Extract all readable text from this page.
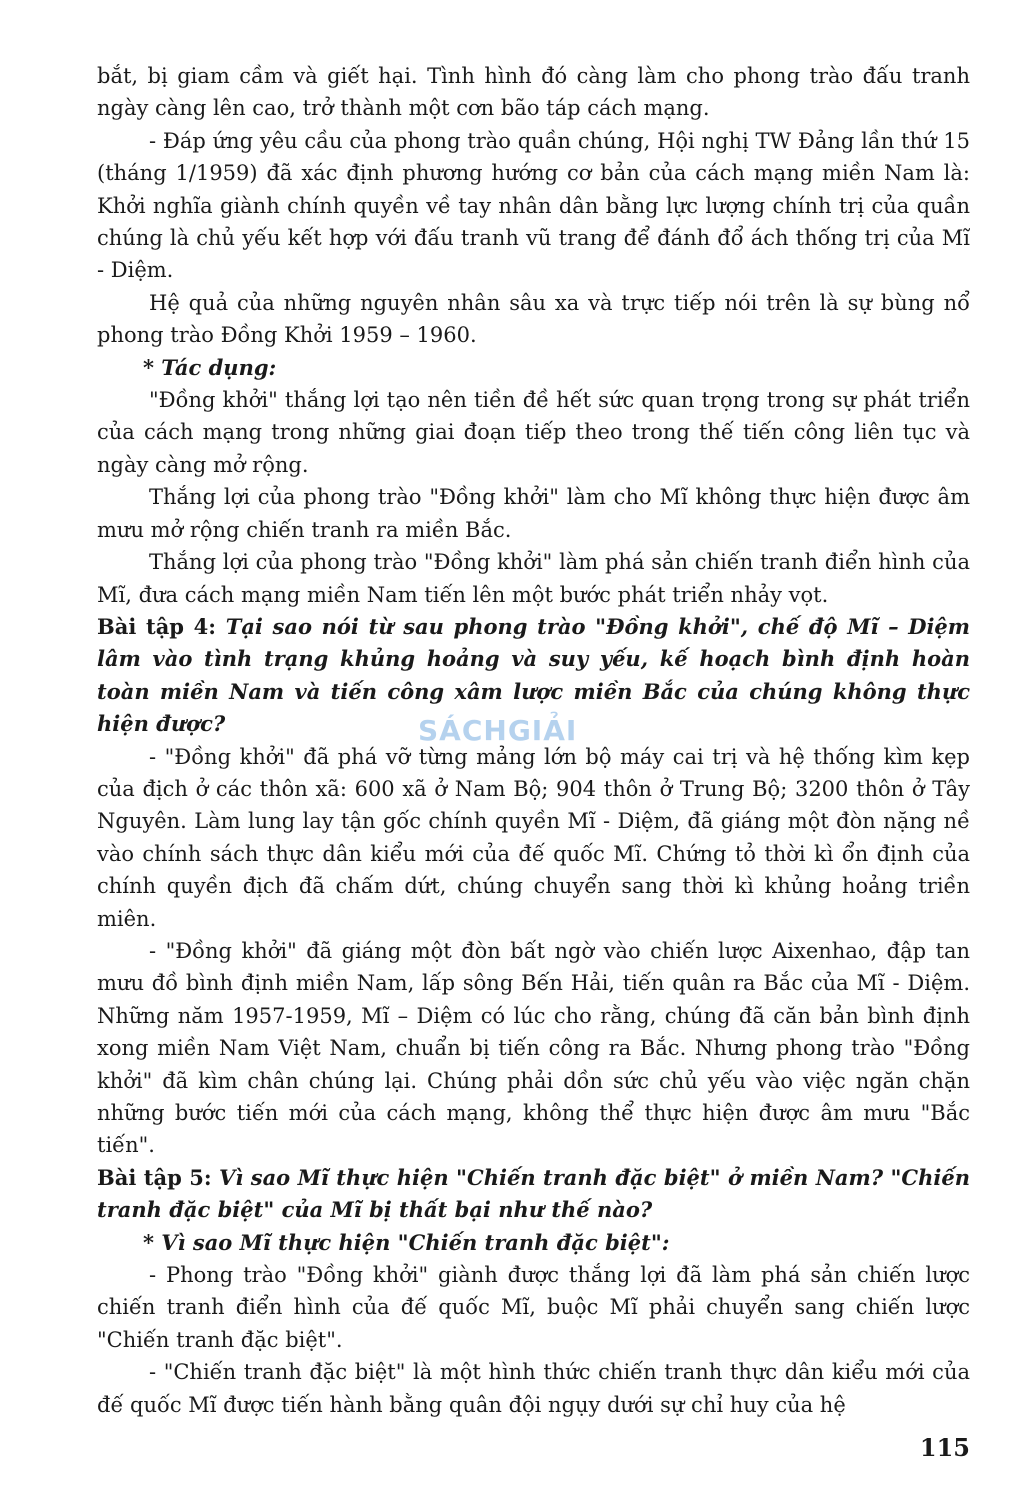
bắt, bị giam cầm và giết hại. Tình hình đó càng làm cho phong trào đấu tranh ngày càng lên cao, trở thành một cơn bão táp cách mạng.

- Đáp ứng yêu cầu của phong trào quần chúng, Hội nghị TW Đảng lần thứ 15 (tháng 1/1959) đã xác định phương hướng cơ bản của cách mạng miền Nam là: Khởi nghĩa giành chính quyền về tay nhân dân bằng lực lượng chính trị của quần chúng là chủ yếu kết hợp với đấu tranh vũ trang để đánh đổ ách thống trị của Mĩ - Diệm.

Hệ quả của những nguyên nhân sâu xa và trực tiếp nói trên là sự bùng nổ phong trào Đồng Khởi 1959 – 1960.

* Tác dụng:

"Đồng khởi" thắng lợi tạo nên tiền đề hết sức quan trọng trong sự phát triển của cách mạng trong những giai đoạn tiếp theo trong thế tiến công liên tục và ngày càng mở rộng.

Thắng lợi của phong trào "Đồng khởi" làm cho Mĩ không thực hiện được âm mưu mở rộng chiến tranh ra miền Bắc.

Thắng lợi của phong trào "Đồng khởi" làm phá sản chiến tranh điển hình của Mĩ, đưa cách mạng miền Nam tiến lên một bước phát triển nhảy vọt.

Bài tập 4: Tại sao nói từ sau phong trào "Đồng khởi", chế độ Mĩ – Diệm lâm vào tình trạng khủng hoảng và suy yếu, kế hoạch bình định hoàn toàn miền Nam và tiến công xâm lược miền Bắc của chúng không thực hiện được?

- "Đồng khởi" đã phá vỡ từng mảng lớn bộ máy cai trị và hệ thống kìm kẹp của địch ở các thôn xã: 600 xã ở Nam Bộ; 904 thôn ở Trung Bộ; 3200 thôn ở Tây Nguyên. Làm lung lay tận gốc chính quyền Mĩ - Diệm, đã giáng một đòn nặng nề vào chính sách thực dân kiểu mới của đế quốc Mĩ. Chứng tỏ thời kì ổn định của chính quyền địch đã chấm dứt, chúng chuyển sang thời kì khủng hoảng triền miên.

- "Đồng khởi" đã giáng một đòn bất ngờ vào chiến lược Aixenhao, đập tan mưu đồ bình định miền Nam, lấp sông Bến Hải, tiến quân ra Bắc của Mĩ - Diệm. Những năm 1957-1959, Mĩ – Diệm có lúc cho rằng, chúng đã căn bản bình định xong miền Nam Việt Nam, chuẩn bị tiến công ra Bắc. Nhưng phong trào "Đồng khởi" đã kìm chân chúng lại. Chúng phải dồn sức chủ yếu vào việc ngăn chặn những bước tiến mới của cách mạng, không thể thực hiện được âm mưu "Bắc tiến".

Bài tập 5: Vì sao Mĩ thực hiện "Chiến tranh đặc biệt" ở miền Nam? "Chiến tranh đặc biệt" của Mĩ bị thất bại như thế nào?

* Vì sao Mĩ thực hiện "Chiến tranh đặc biệt":

- Phong trào "Đồng khởi" giành được thắng lợi đã làm phá sản chiến lược chiến tranh điển hình của đế quốc Mĩ, buộc Mĩ phải chuyển sang chiến lược "Chiến tranh đặc biệt".

- "Chiến tranh đặc biệt" là một hình thức chiến tranh thực dân kiểu mới của đế quốc Mĩ được tiến hành bằng quân đội ngụy dưới sự chỉ huy của hệ

SÁCHGIẢI
115
